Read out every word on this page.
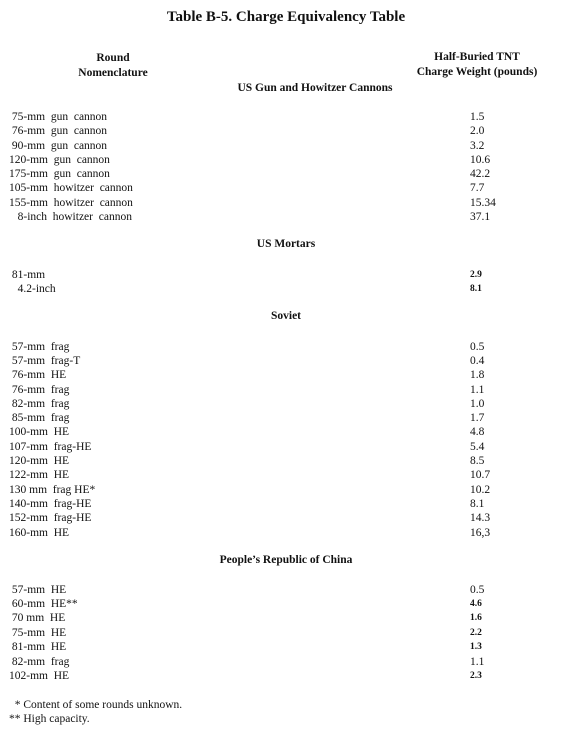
Table B-5. Charge Equivalency Table
Round
Nomenclature
Half-Buried TNT
Charge Weight (pounds)
US Gun and Howitzer Cannons
US Mortars
Soviet
People’s Republic of China
75-mm  gun  cannon	1.5
76-mm  gun  cannon	2.0
90-mm  gun  cannon	3.2
120-mm  gun  cannon	10.6
175-mm  gun  cannon	42.2
105-mm  howitzer  cannon	7.7
155-mm  howitzer  cannon	15.34
8-inch  howitzer  cannon	37.1
81-mm	2.9
4.2-inch	8.1
57-mm  frag	0.5
57-mm  frag-T	0.4
76-mm  HE	1.8
76-mm  frag	1.1
82-mm  frag	1.0
85-mm  frag	1.7
100-mm  HE	4.8
107-mm  frag-HE	5.4
120-mm  HE	8.5
122-mm  HE	10.7
130 mm  frag HE*	10.2
140-mm  frag-HE	8.1
152-mm  frag-HE	14.3
160-mm  HE	16,3
57-mm  HE	0.5
60-mm  HE**	4.6
70 mm  HE	1.6
75-mm  HE	2.2
81-mm  HE	1.3
82-mm  frag	1.1
102-mm  HE	2.3
* Content of some rounds unknown.
** High capacity.
